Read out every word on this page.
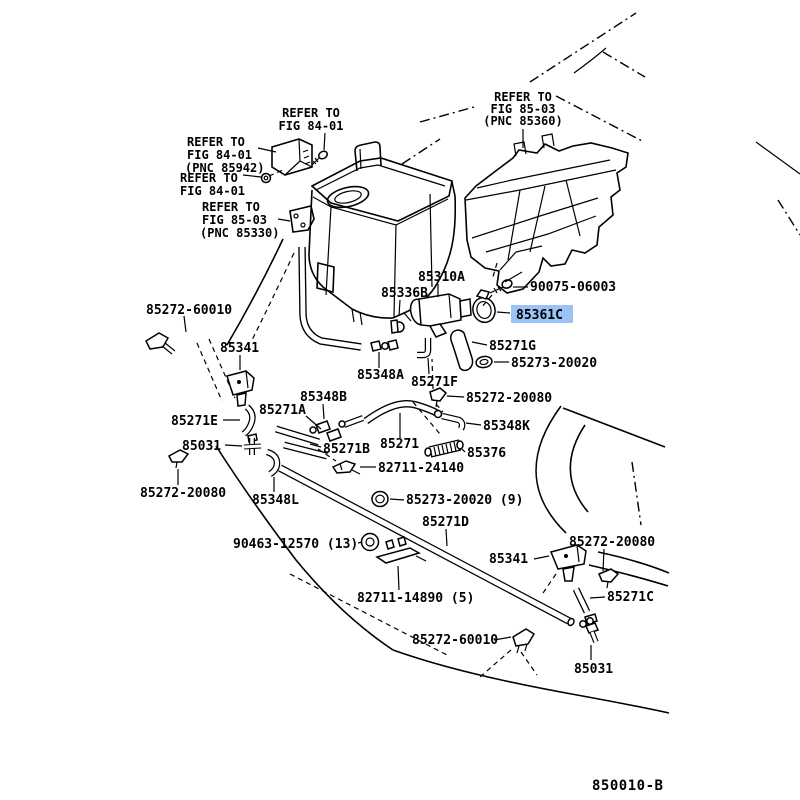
REFER TO
FIG 84-01
REFER TO
FIG 84-01
(PNC 85942)
REFER TO
FIG 84-01
REFER TO
FIG 85-03
(PNC 85330)
REFER TO
FIG 85-03
(PNC 85360)
85310A
85336B	90075-06003
85361C
85271G
85273-20020
85348A 85271F
85272-60010
85341
85348B
85271A
85271E
85031	85271B 85271
85272-20080
85348K
85376
82711-24140
85273-20020 (9)
85272-20080 85348L
85271D
90463-12570 (13)
85341
85272-20080
82711-14890 (5)	85271C
85272-60010
85031
850010-B
